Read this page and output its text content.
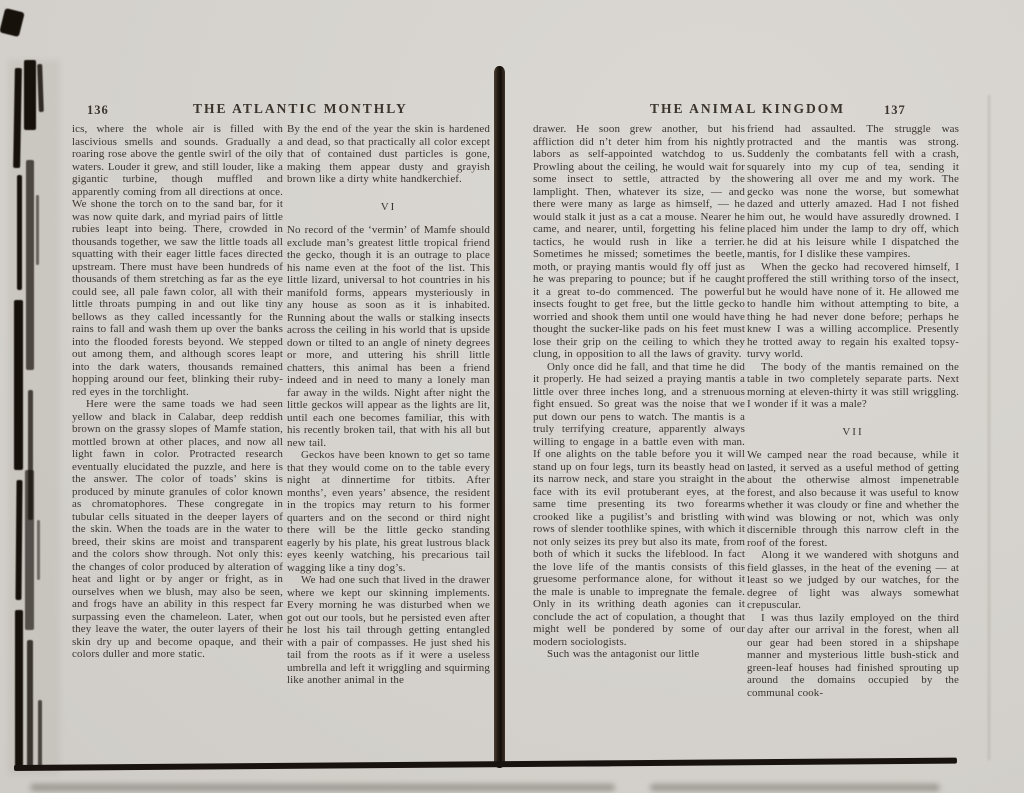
136	THE ATLANTIC MONTHLY

ics, where the whole air is filled with lascivious smells and sounds. Gradually a roaring rose above the gentle swirl of the oily waters. Louder it grew, and still louder, like a gigantic turbine, though muffled and apparently coming from all directions at once. We shone the torch on to the sand bar, for it was now quite dark, and myriad pairs of little rubies leapt into being. There, crowded in thousands together, we saw the little toads all squatting with their eager little faces directed upstream. There must have been hundreds of thousands of them stretching as far as the eye could see, all pale fawn color, all with their little throats pumping in and out like tiny bellows as they called incessantly for the rains to fall and wash them up over the banks into the flooded forests beyond. We stepped out among them, and although scores leapt into the dark waters, thousands remained hopping around our feet, blinking their ruby-red eyes in the torchlight.

Here were the same toads we had seen yellow and black in Calabar, deep reddish brown on the grassy slopes of Mamfe station, mottled brown at other places, and now all light fawn in color. Protracted research eventually elucidated the puzzle, and here is the answer. The color of toads’ skins is produced by minute granules of color known as chromatophores. These congregate in tubular cells situated in the deeper layers of the skin. When the toads are in the water to breed, their skins are moist and transparent and the colors show through. Not only this: the changes of color produced by alteration of heat and light or by anger or fright, as in ourselves when we blush, may also be seen, and frogs have an ability in this respect far surpassing even the chameleon. Later, when they leave the water, the outer layers of their skin dry up and become opaque, and their colors duller and more static.

By the end of the year the skin is hardened and dead, so that practically all color except that of contained dust particles is gone, making them appear dusty and grayish brown like a dirty white handkerchief.

VI

No record of the ‘vermin’ of Mamfe should exclude man’s greatest little tropical friend the gecko, though it is an outrage to place his name even at the foot of the list. This little lizard, universal to hot countries in his manifold forms, appears mysteriously in any house as soon as it is inhabited. Running about the walls or stalking insects across the ceiling in his world that is upside down or tilted to an angle of ninety degrees or more, and uttering his shrill little chatters, this animal has been a friend indeed and in need to many a lonely man far away in the wilds. Night after night the little geckos will appear as the lights are lit, until each one becomes familiar, this with his recently broken tail, that with his all but new tail.

Geckos have been known to get so tame that they would come on to the table every night at dinnertime for titbits. After months’, even years’ absence, the resident in the tropics may return to his former quarters and on the second or third night there will be the little gecko standing eagerly by his plate, his great lustrous black eyes keenly watching, his precarious tail wagging like a tiny dog’s.

We had one such that lived in the drawer where we kept our skinning implements. Every morning he was disturbed when we got out our tools, but he persisted even after he lost his tail through getting entangled with a pair of compasses. He just shed his tail from the roots as if it were a useless umbrella and left it wriggling and squirming like another animal in the

THE ANIMAL KINGDOM	137

drawer. He soon grew another, but his affliction did n’t deter him from his nightly labors as self-appointed watchdog to us. Prowling about the ceiling, he would wait for some insect to settle, attracted by the lamplight. Then, whatever its size, — and there were many as large as himself, — he would stalk it just as a cat a mouse. Nearer he came, and nearer, until, forgetting his feline tactics, he would rush in like a terrier. Sometimes he missed; sometimes the beetle, moth, or praying mantis would fly off just as he was preparing to pounce; but if he caught it a great to-do commenced. The powerful insects fought to get free, but the little gecko worried and shook them until one would have thought the sucker-like pads on his feet must lose their grip on the ceiling to which they clung, in opposition to all the laws of gravity.

Only once did he fall, and that time he did it properly. He had seized a praying mantis a little over three inches long, and a strenuous fight ensued. So great was the noise that we put down our pens to watch. The mantis is a truly terrifying creature, apparently always willing to engage in a battle even with man. If one alights on the table before you it will stand up on four legs, turn its beastly head on its narrow neck, and stare you straight in the face with its evil protuberant eyes, at the same time presenting its two forearms crooked like a pugilist’s and bristling with rows of slender toothlike spines, with which it not only seizes its prey but also its mate, from both of which it sucks the lifeblood. In fact the love life of the mantis consists of this gruesome performance alone, for without it the male is unable to impregnate the female. Only in its writhing death agonies can it conclude the act of copulation, a thought that might well be pondered by some of our modern sociologists.

Such was the antagonist our little

friend had assaulted. The struggle was protracted and the mantis was strong. Suddenly the combatants fell with a crash, squarely into my cup of tea, sending it showering all over me and my work. The gecko was none the worse, but somewhat dazed and utterly amazed. Had I not fished him out, he would have assuredly drowned. I placed him under the lamp to dry off, which he did at his leisure while I dispatched the mantis, for I dislike these vampires.

When the gecko had recovered himself, I proffered the still writhing torso of the insect, but he would have none of it. He allowed me to handle him without attempting to bite, a thing he had never done before; perhaps he knew I was a willing accomplice. Presently he trotted away to regain his exalted topsy-turvy world.

The body of the mantis remained on the table in two completely separate parts. Next morning at eleven-thirty it was still wriggling. I wonder if it was a male?

VII

We camped near the road because, while it lasted, it served as a useful method of getting about the otherwise almost impenetrable forest, and also because it was useful to know whether it was cloudy or fine and whether the wind was blowing or not, which was only discernible through this narrow cleft in the roof of the forest.

Along it we wandered with shotguns and field glasses, in the heat of the evening — at least so we judged by our watches, for the degree of light was always somewhat crepuscular.

I was thus lazily employed on the third day after our arrival in the forest, when all our gear had been stored in a shipshape manner and mysterious little bush-stick and green-leaf houses had finished sprouting up around the domains occupied by the communal cook-
